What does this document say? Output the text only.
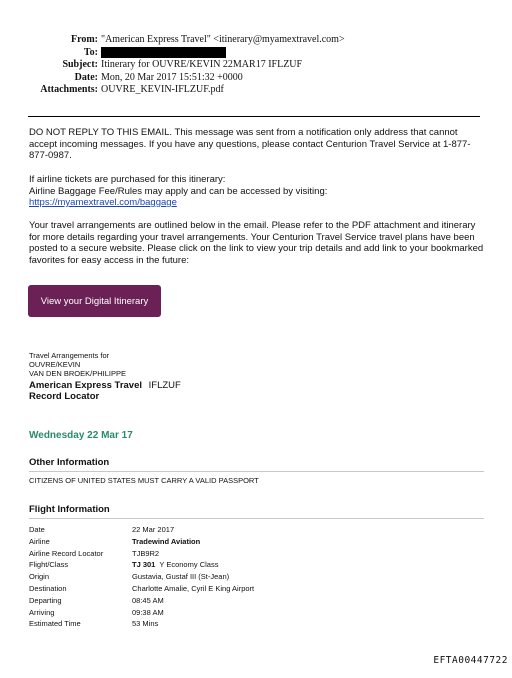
From: "American Express Travel" <itinerary@myamextravel.com>
To:
Subject: Itinerary for OUVRE/KEVIN 22MAR17 IFLZUF
Date: Mon, 20 Mar 2017 15:51:32 +0000
Attachments: OUVRE_KEVIN-IFLZUF.pdf

DO NOT REPLY TO THIS EMAIL. This message was sent from a notification only address that cannot accept incoming messages. If you have any questions, please contact Centurion Travel Service at 1-877-877-0987.

If airline tickets are purchased for this itinerary:
Airline Baggage Fee/Rules may apply and can be accessed by visiting:
https://myamextravel.com/baggage

Your travel arrangements are outlined below in the email. Please refer to the PDF attachment and itinerary for more details regarding your travel arrangements. Your Centurion Travel Service travel plans have been posted to a secure website. Please click on the link to view your trip details and add link to your bookmarked favorites for easy access in the future:

View your Digital Itinerary
Travel Arrangements for
OUVRE/KEVIN
VAN DEN BROEK/PHILIPPE
American Express Travel IFLZUF
Record Locator
Wednesday 22 Mar 17
Other Information
CITIZENS OF UNITED STATES MUST CARRY A VALID PASSPORT
Flight Information
Date	22 Mar 2017
Airline	Tradewind Aviation
Airline Record Locator	TJB9R2
Flight/Class	TJ 301  Y Economy Class
Origin	Gustavia, Gustaf III (St-Jean)
Destination	Charlotte Amalie, Cyril E King Airport
Departing	08:45 AM
Arriving	09:38 AM
Estimated Time	53 Mins
EFTA00447722
